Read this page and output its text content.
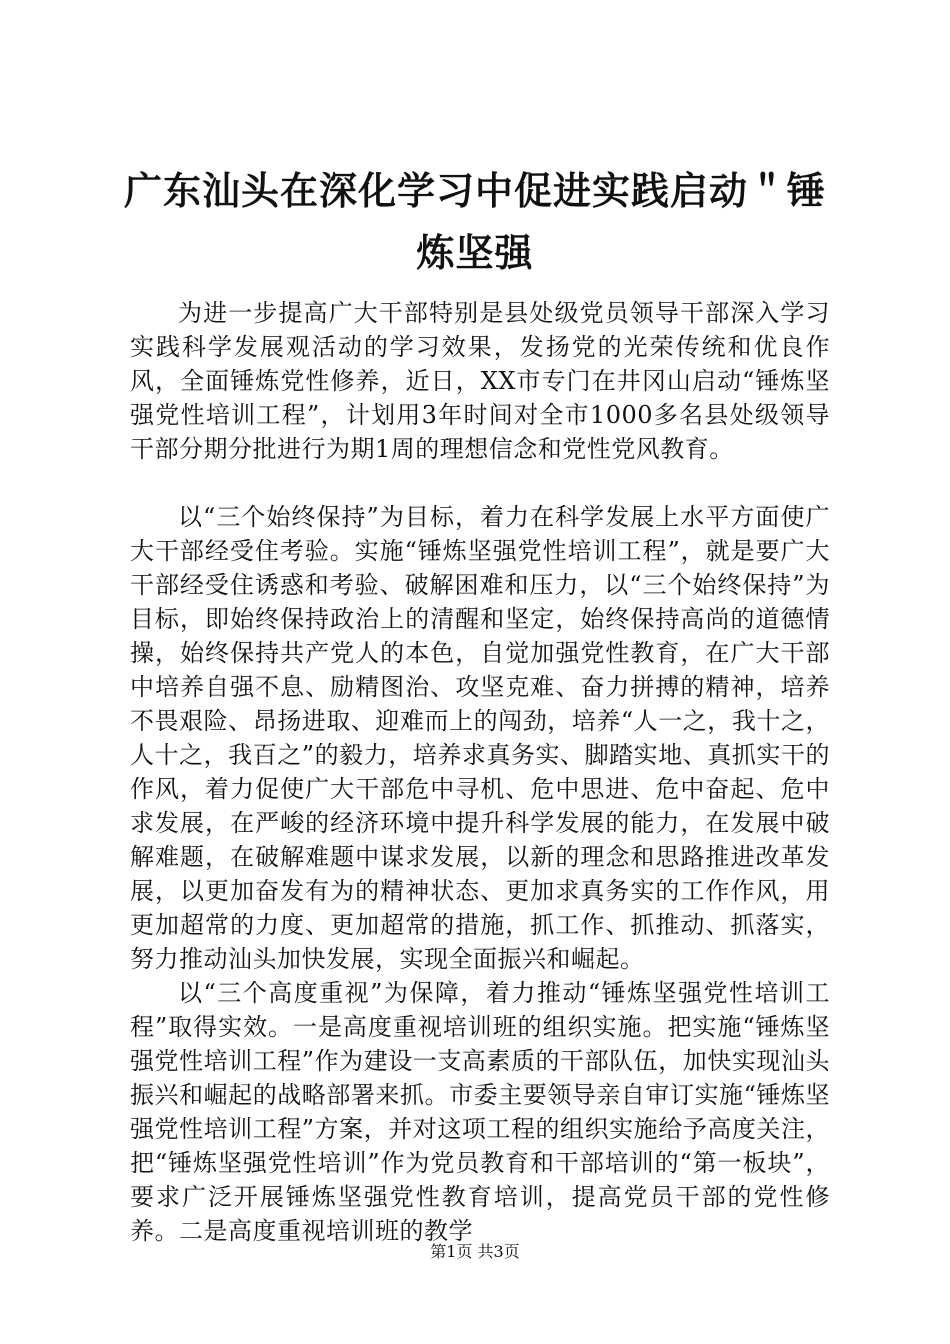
广东汕头在深化学习中促进实践启动＂锤炼坚强

为进一步提高广大干部特别是县处级党员领导干部深入学习实践科学发展观活动的学习效果，发扬党的光荣传统和优良作风，全面锤炼党性修养，近日，XX市专门在井冈山启动“锤炼坚强党性培训工程”，计划用3年时间对全市1000多名县处级领导干部分期分批进行为期1周的理想信念和党性党风教育。

以“三个始终保持”为目标，着力在科学发展上水平方面使广大干部经受住考验。实施“锤炼坚强党性培训工程”，就是要广大干部经受住诱惑和考验、破解困难和压力，以“三个始终保持”为目标，即始终保持政治上的清醒和坚定，始终保持高尚的道德情操，始终保持共产党人的本色，自觉加强党性教育，在广大干部中培养自强不息、励精图治、攻坚克难、奋力拼搏的精神，培养不畏艰险、昂扬进取、迎难而上的闯劲，培养“人一之，我十之，人十之，我百之”的毅力，培养求真务实、脚踏实地、真抓实干的作风，着力促使广大干部危中寻机、危中思进、危中奋起、危中求发展，在严峻的经济环境中提升科学发展的能力，在发展中破解难题，在破解难题中谋求发展，以新的理念和思路推进改革发展，以更加奋发有为的精神状态、更加求真务实的工作作风，用更加超常的力度、更加超常的措施，抓工作、抓推动、抓落实，努力推动汕头加快发展，实现全面振兴和崛起。

以“三个高度重视”为保障，着力推动“锤炼坚强党性培训工程”取得实效。一是高度重视培训班的组织实施。把实施“锤炼坚强党性培训工程”作为建设一支高素质的干部队伍，加快实现汕头振兴和崛起的战略部署来抓。市委主要领导亲自审订实施“锤炼坚强党性培训工程”方案，并对这项工程的组织实施给予高度关注，把“锤炼坚强党性培训”作为党员教育和干部培训的“第一板块”，要求广泛开展锤炼坚强党性教育培训，提高党员干部的党性修养。二是高度重视培训班的教学

第1页 共3页
